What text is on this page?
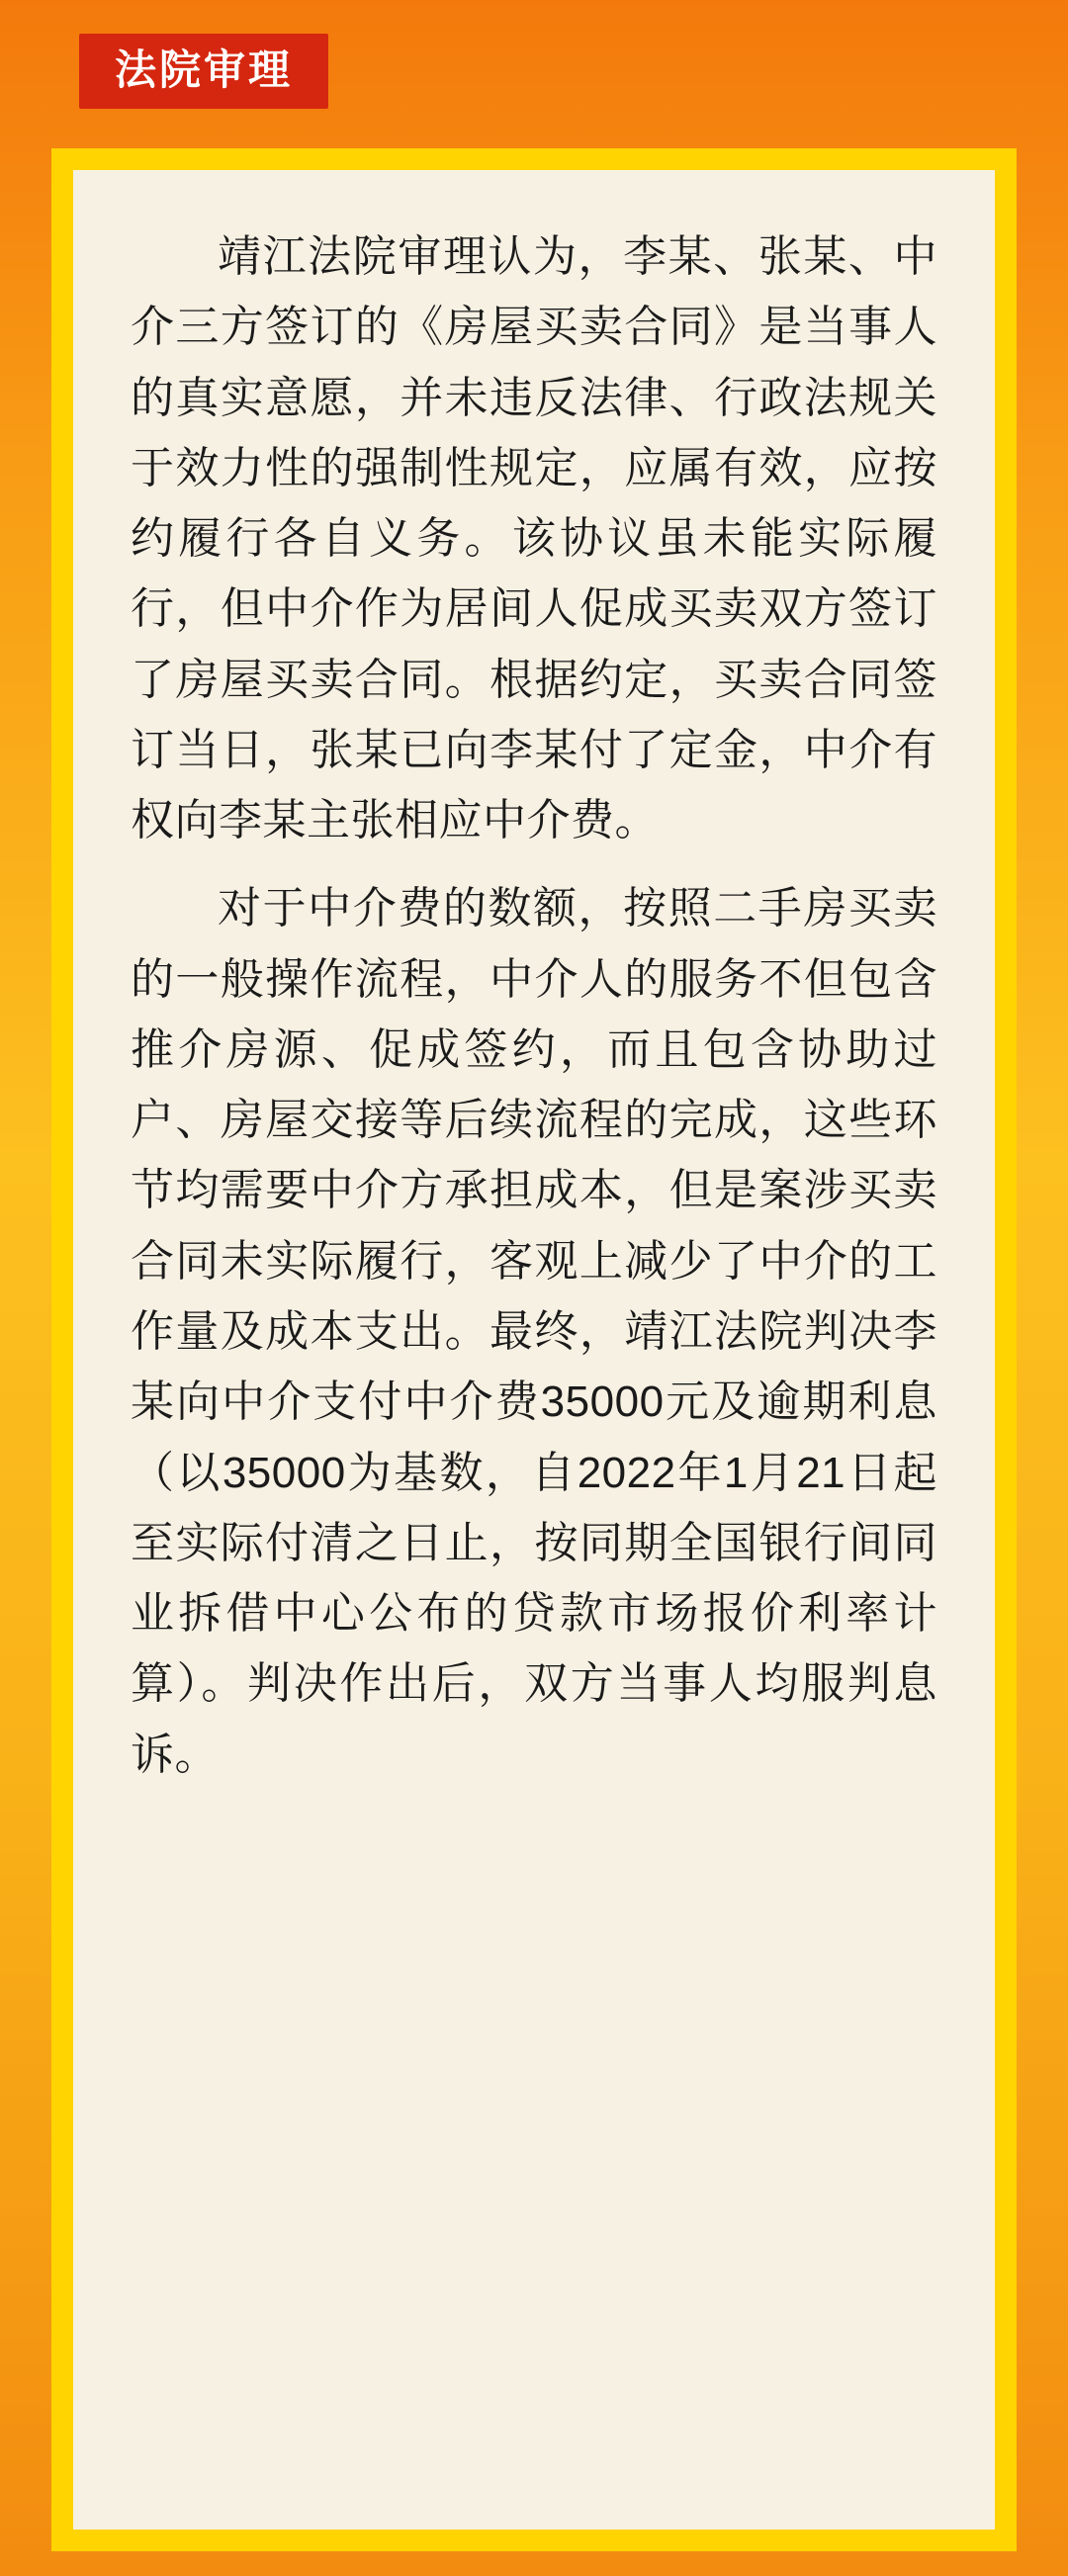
法院审理

靖江法院审理认为，李某、张某、中介三方签订的《房屋买卖合同》是当事人的真实意愿，并未违反法律、行政法规关于效力性的强制性规定，应属有效，应按约履行各自义务。该协议虽未能实际履行，但中介作为居间人促成买卖双方签订了房屋买卖合同。根据约定，买卖合同签订当日，张某已向李某付了定金，中介有权向李某主张相应中介费。

对于中介费的数额，按照二手房买卖的一般操作流程，中介人的服务不但包含推介房源、促成签约，而且包含协助过户、房屋交接等后续流程的完成，这些环节均需要中介方承担成本，但是案涉买卖合同未实际履行，客观上减少了中介的工作量及成本支出。最终，靖江法院判决李某向中介支付中介费35000元及逾期利息（以35000为基数，自2022年1月21日起至实际付清之日止，按同期全国银行间同业拆借中心公布的贷款市场报价利率计算）。判决作出后，双方当事人均服判息诉。
